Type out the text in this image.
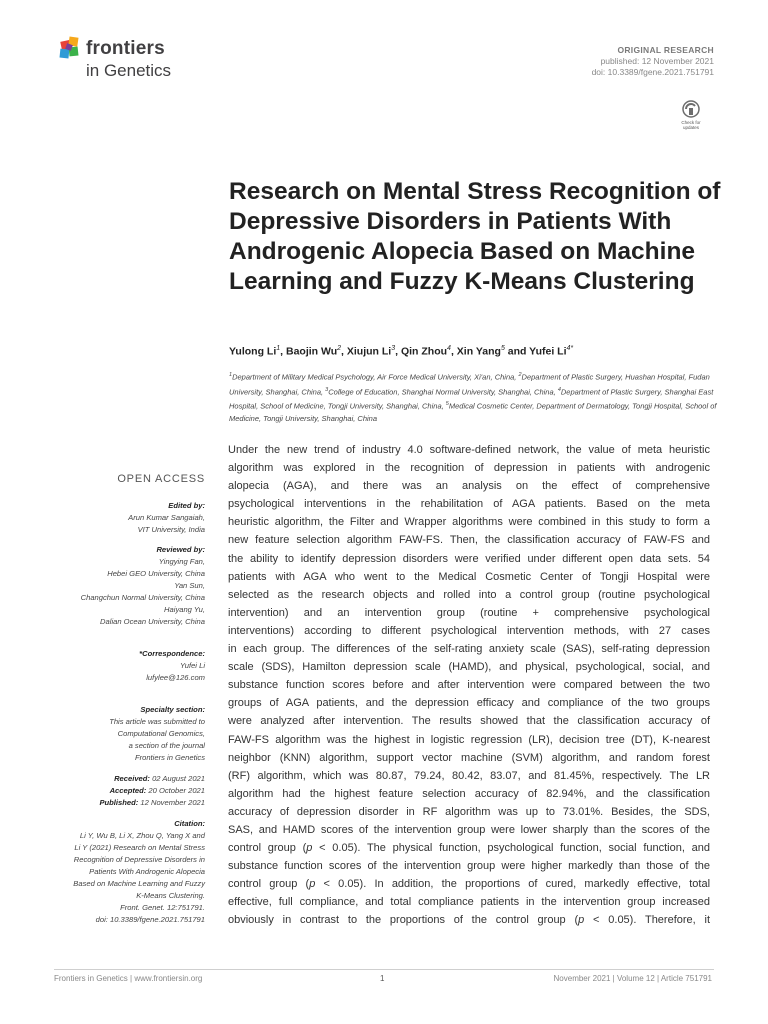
frontiers
in Genetics
ORIGINAL RESEARCH
published: 12 November 2021
doi: 10.3389/fgene.2021.751791
Check for
updates
Research on Mental Stress Recognition of Depressive Disorders in Patients With Androgenic Alopecia Based on Machine Learning and Fuzzy K-Means Clustering
Yulong Li$^1$, Baojin Wu$^2$, Xiujun Li$^3$, Qin Zhou$^4$, Xin Yang$^5$ and Yufei $Li^{4*}$
$^1$Department of Military Medical Psychology, Air Force Medical University, Xi'an, China, $^2$Department of Plastic Surgery, Huashan Hospital, Fudan University, Shanghai, China, $^3$College of Education, Shanghai Normal University, Shanghai, China, $^4$Department of Plastic Surgery, Shanghai East Hospital, School of Medicine, Tongji University, Shanghai, China, $^5$Medical Cosmetic Center, Department of Dermatology, Tongji Hospital, School of Medicine, Tongji University, Shanghai, China
OPEN ACCESS
Edited by:
Arun Kumar Sangaiah,
VIT University, India
Reviewed by:
Yingying Fan,
Hebei GEO University, China
Yan Sun,
Changchun Normal University, China
Haiyang Yu,
Dalian Ocean University, China
*Correspondence:
Yufei Li
lufylee@126.com
Specialty section:
This article was submitted to
Computational Genomics,
a section of the journal
Frontiers in Genetics
Received: 02 August 2021
Accepted: 20 October 2021
Published: 12 November 2021
Citation:
Li Y, Wu B, Li X, Zhou Q, Yang X and
Li Y (2021) Research on Mental Stress
Recognition of Depressive Disorders in
Patients With Androgenic Alopecia
Based on Machine Learning and Fuzzy
K-Means Clustering.
Front. Genet. 12:751791.
doi: 10.3389/fgene.2021.751791
Under the new trend of industry 4.0 software-defined network, the value of meta heuristic
algorithm was explored in the recognition of depression in patients with androgenic
alopecia (AGA), and there was an analysis on the effect of comprehensive
psychological interventions in the rehabilitation of AGA patients. Based on the meta
heuristic algorithm, the Filter and Wrapper algorithms were combined in this study to form a
new feature selection algorithm FAW-FS. Then, the classification accuracy of FAW-FS and
the ability to identify depression disorders were verified under different open data sets. 54
patients with AGA who went to the Medical Cosmetic Center of Tongji Hospital were
selected as the research objects and rolled into a control group (routine psychological
intervention) and an intervention group (routine + comprehensive psychological
interventions) according to different psychological intervention methods, with 27 cases
in each group. The differences of the self-rating anxiety scale (SAS), self-rating depression
scale (SDS), Hamilton depression scale (HAMD), and physical, psychological, social, and
substance function scores before and after intervention were compared between the two
groups of AGA patients, and the depression efficacy and compliance of the two groups
were analyzed after intervention. The results showed that the classification accuracy of
FAW-FS algorithm was the highest in logistic regression (LR), decision tree (DT), K-nearest
neighbor (KNN) algorithm, support vector machine (SVM) algorithm, and random forest
(RF) algorithm, which was 80.87, 79.24, 80.42, 83.07, and 81.45%, respectively. The LR
algorithm had the highest feature selection accuracy of 82.94%, and the classification
accuracy of depression disorder in RF algorithm was up to 73.01%. Besides, the SDS,
SAS, and HAMD scores of the intervention group were lower sharply than the scores of the
control group (p < 0.05). The physical function, psychological function, social function, and
substance function scores of the intervention group were higher markedly than those of the
control group (p < 0.05). In addition, the proportions of cured, markedly effective, total
effective, full compliance, and total compliance patients in the intervention group increased
obviously in contrast to the proportions of the control group (p < 0.05). Therefore, it
Frontiers in Genetics | www.frontiersin.org	1	November 2021 | Volume 12 | Article 751791
